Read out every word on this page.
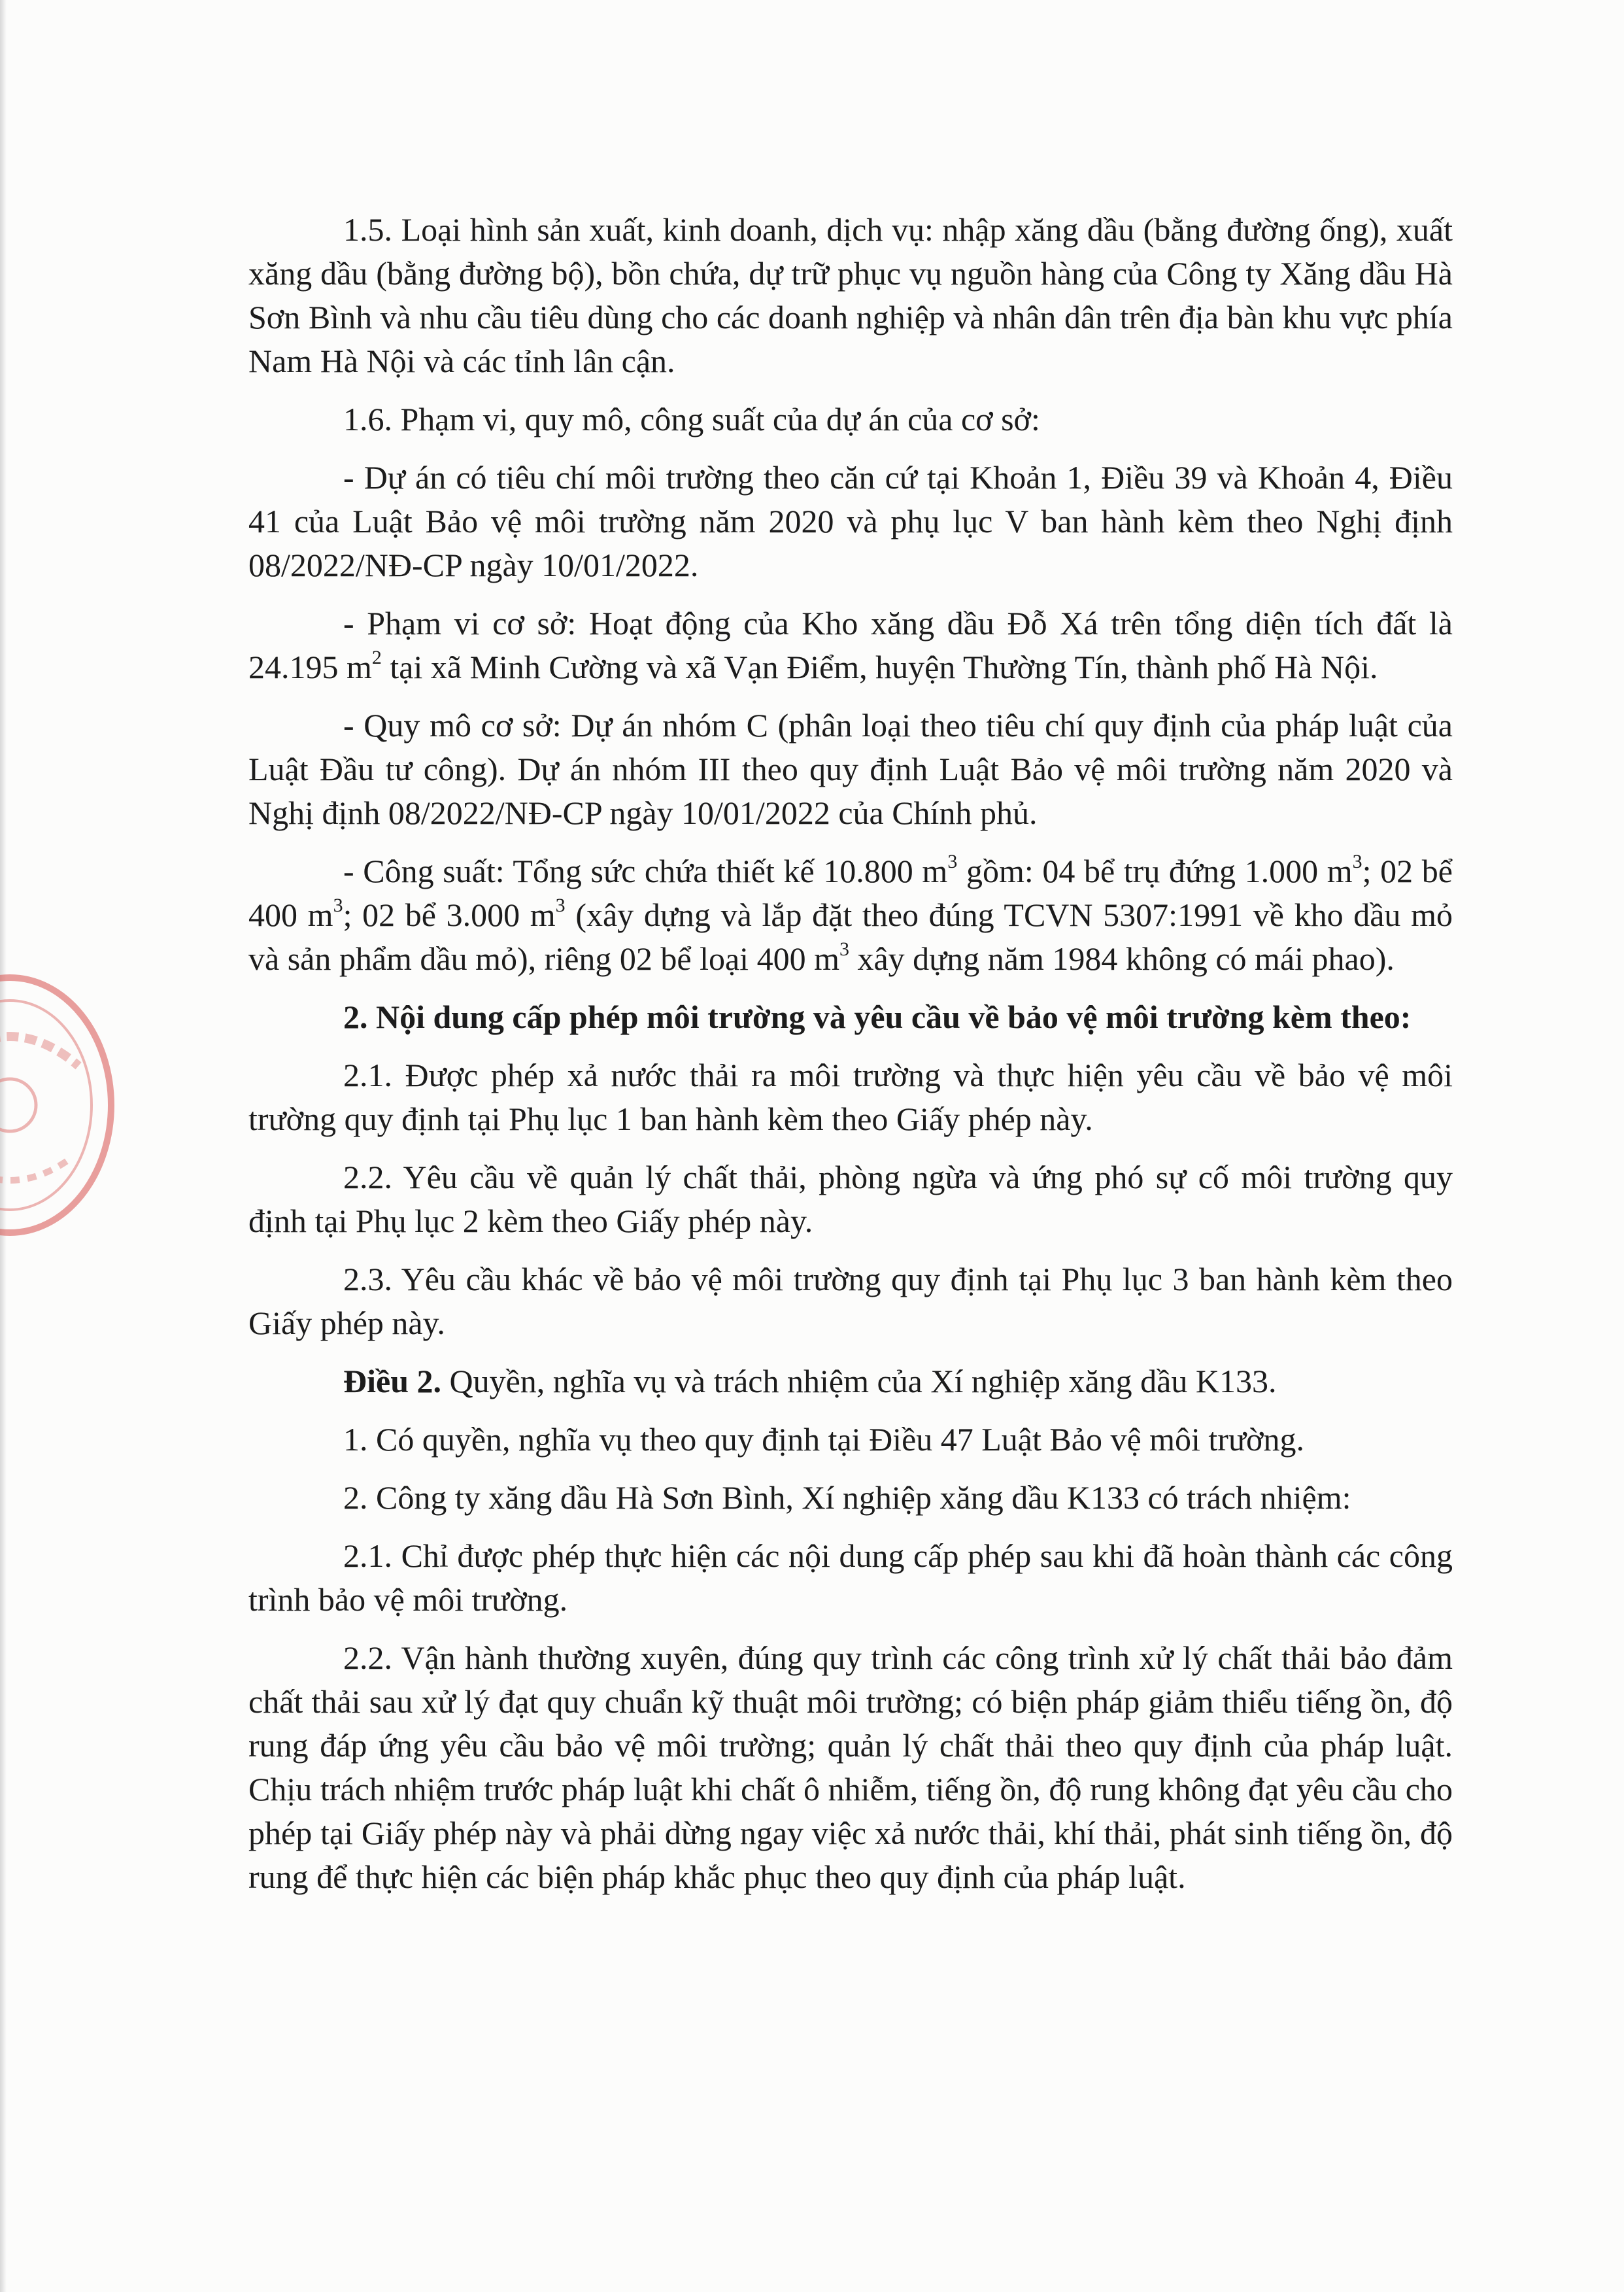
1.5. Loại hình sản xuất, kinh doanh, dịch vụ: nhập xăng dầu (bằng đường ống), xuất xăng dầu (bằng đường bộ), bồn chứa, dự trữ phục vụ nguồn hàng của Công ty Xăng dầu Hà Sơn Bình và nhu cầu tiêu dùng cho các doanh nghiệp và nhân dân trên địa bàn khu vực phía Nam Hà Nội và các tỉnh lân cận.

1.6. Phạm vi, quy mô, công suất của dự án của cơ sở:

- Dự án có tiêu chí môi trường theo căn cứ tại Khoản 1, Điều 39 và Khoản 4, Điều 41 của Luật Bảo vệ môi trường năm 2020 và phụ lục V ban hành kèm theo Nghị định 08/2022/NĐ-CP ngày 10/01/2022.

- Phạm vi cơ sở: Hoạt động của Kho xăng dầu Đỗ Xá trên tổng diện tích đất là 24.195 $m^2$ tại xã Minh Cường và xã Vạn Điểm, huyện Thường Tín, thành phố Hà Nội.

- Quy mô cơ sở: Dự án nhóm C (phân loại theo tiêu chí quy định của pháp luật của Luật Đầu tư công). Dự án nhóm III theo quy định Luật Bảo vệ môi trường năm 2020 và Nghị định 08/2022/NĐ-CP ngày 10/01/2022 của Chính phủ.

- Công suất: Tổng sức chứa thiết kế 10.800 $m^3$ gồm: 04 bể trụ đứng 1.000 $m^3$; 02 bể 400 $m^3$; 02 bể 3.000 $m^3$ (xây dựng và lắp đặt theo đúng TCVN 5307:1991 về kho dầu mỏ và sản phẩm dầu mỏ), riêng 02 bể loại 400 $m^3$ xây dựng năm 1984 không có mái phao).

2. Nội dung cấp phép môi trường và yêu cầu về bảo vệ môi trường kèm theo:

2.1. Được phép xả nước thải ra môi trường và thực hiện yêu cầu về bảo vệ môi trường quy định tại Phụ lục 1 ban hành kèm theo Giấy phép này.

2.2. Yêu cầu về quản lý chất thải, phòng ngừa và ứng phó sự cố môi trường quy định tại Phụ lục 2 kèm theo Giấy phép này.

2.3. Yêu cầu khác về bảo vệ môi trường quy định tại Phụ lục 3 ban hành kèm theo Giấy phép này.

Điều 2. Quyền, nghĩa vụ và trách nhiệm của Xí nghiệp xăng dầu K133.

1. Có quyền, nghĩa vụ theo quy định tại Điều 47 Luật Bảo vệ môi trường.

2. Công ty xăng dầu Hà Sơn Bình, Xí nghiệp xăng dầu K133 có trách nhiệm:

2.1. Chỉ được phép thực hiện các nội dung cấp phép sau khi đã hoàn thành các công trình bảo vệ môi trường.

2.2. Vận hành thường xuyên, đúng quy trình các công trình xử lý chất thải bảo đảm chất thải sau xử lý đạt quy chuẩn kỹ thuật môi trường; có biện pháp giảm thiểu tiếng ồn, độ rung đáp ứng yêu cầu bảo vệ môi trường; quản lý chất thải theo quy định của pháp luật. Chịu trách nhiệm trước pháp luật khi chất ô nhiễm, tiếng ồn, độ rung không đạt yêu cầu cho phép tại Giấy phép này và phải dừng ngay việc xả nước thải, khí thải, phát sinh tiếng ồn, độ rung để thực hiện các biện pháp khắc phục theo quy định của pháp luật.
